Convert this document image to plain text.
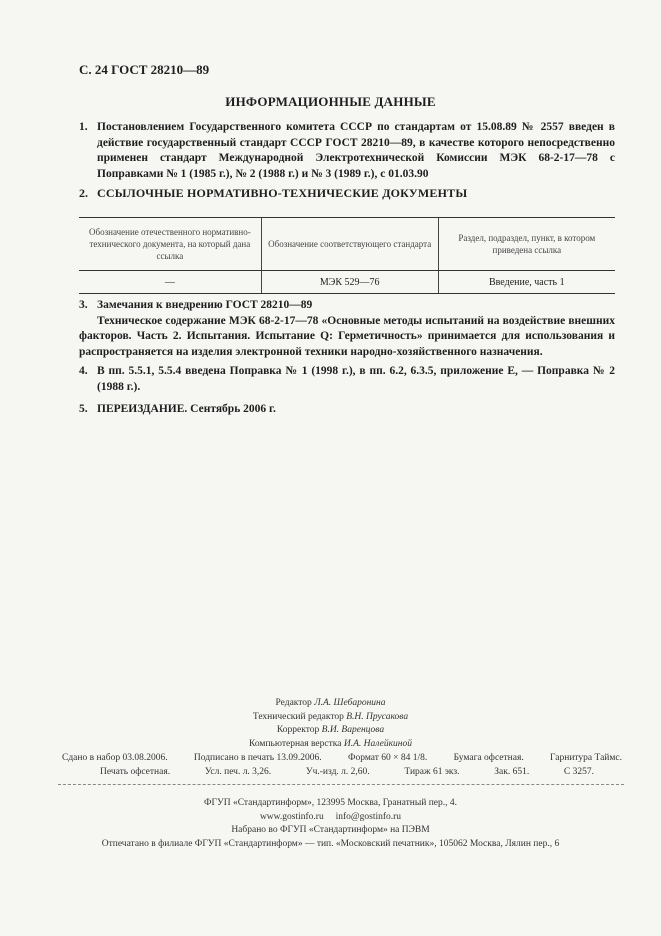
С. 24 ГОСТ 28210—89
ИНФОРМАЦИОННЫЕ ДАННЫЕ
1. Постановлением Государственного комитета СССР по стандартам от 15.08.89 № 2557 введен в действие государственный стандарт СССР ГОСТ 28210—89, в качестве которого непосредственно применен стандарт Международной Электротехнической Комиссии МЭК 68-2-17—78 с Поправками № 1 (1985 г.), № 2 (1988 г.) и № 3 (1989 г.), с 01.03.90
2. ССЫЛОЧНЫЕ НОРМАТИВНО-ТЕХНИЧЕСКИЕ ДОКУМЕНТЫ
Обозначение отечественного нормативно-технического документа, на который дана ссылка	Обозначение соответствующего стандарта	Раздел, подраздел, пункт, в котором приведена ссылка
—	МЭК 529—76	Введение, часть 1
3. Замечания к внедрению ГОСТ 28210—89
Техническое содержание МЭК 68-2-17—78 «Основные методы испытаний на воздействие внешних факторов. Часть 2. Испытания. Испытание Q: Герметичность» принимается для использования и распространяется на изделия электронной техники народно-хозяйственного назначения.
4. В пп. 5.5.1, 5.5.4 введена Поправка № 1 (1998 г.), в пп. 6.2, 6.3.5, приложение Е, — Поправка № 2 (1988 г.).
5. ПЕРЕИЗДАНИЕ. Сентябрь 2006 г.
Редактор Л.А. Шебаронина
Технический редактор В.Н. Прусакова
Корректор В.И. Варенцова
Компьютерная верстка И.А. Налейкиной
Сдано в набор 03.08.2006.	Подписано в печать 13.09.2006.	Формат 60 × 84 1/8.	Бумага офсетная.	Гарнитура Таймс.
Печать офсетная.	Усл. печ. л. 3,26.	Уч.-изд. л. 2,60.	Тираж 61 экз.	Зак. 651.	С 3257.
ФГУП «Стандартинформ», 123995 Москва, Гранатный пер., 4.
www.gostinfo.ru     info@gostinfo.ru
Набрано во ФГУП «Стандартинформ» на ПЭВМ
Отпечатано в филиале ФГУП «Стандартинформ» — тип. «Московский печатник», 105062 Москва, Лялин пер., 6
